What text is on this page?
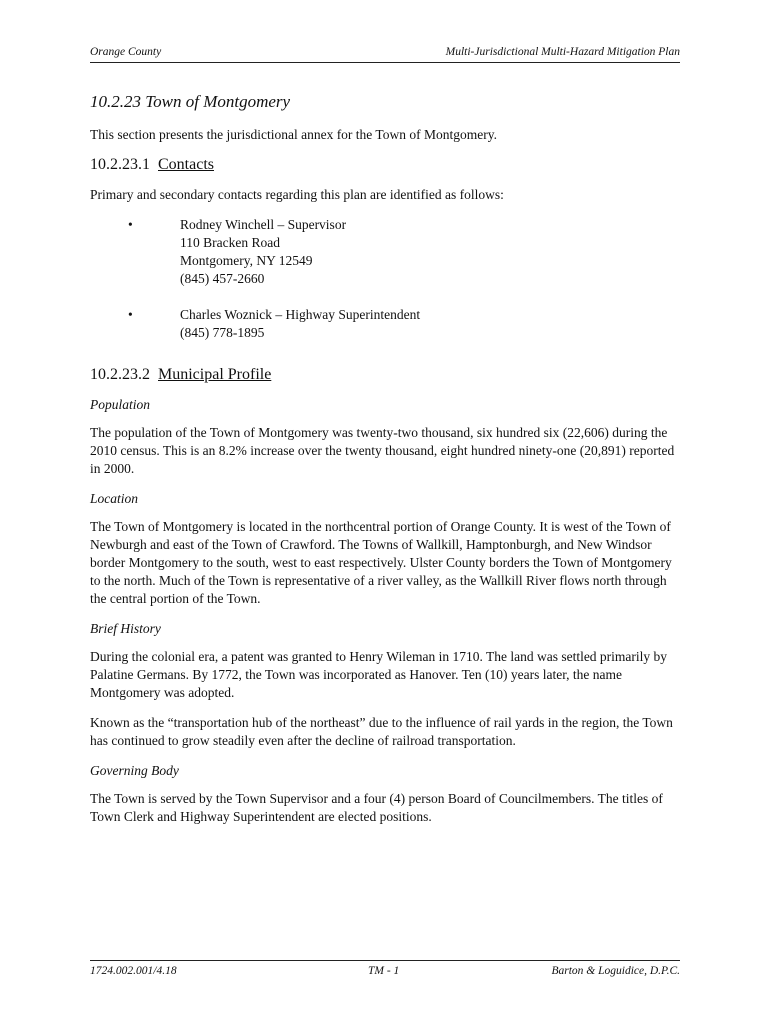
Orange County	Multi-Jurisdictional Multi-Hazard Mitigation Plan
10.2.23 Town of Montgomery

This section presents the jurisdictional annex for the Town of Montgomery.

10.2.23.1 Contacts

Primary and secondary contacts regarding this plan are identified as follows:

•	Rodney Winchell – Supervisor
110 Bracken Road
Montgomery, NY 12549
(845) 457-2660
•	Charles Woznick – Highway Superintendent
(845) 778-1895
10.2.23.2 Municipal Profile
Population

The population of the Town of Montgomery was twenty-two thousand, six hundred six (22,606) during the 2010 census. This is an 8.2% increase over the twenty thousand, eight hundred ninety-one (20,891) reported in 2000.

Location

The Town of Montgomery is located in the northcentral portion of Orange County. It is west of the Town of Newburgh and east of the Town of Crawford. The Towns of Wallkill, Hamptonburgh, and New Windsor border Montgomery to the south, west to east respectively. Ulster County borders the Town of Montgomery to the north. Much of the Town is representative of a river valley, as the Wallkill River flows north through the central portion of the Town.

Brief History

During the colonial era, a patent was granted to Henry Wileman in 1710. The land was settled primarily by Palatine Germans. By 1772, the Town was incorporated as Hanover. Ten (10) years later, the name Montgomery was adopted.

Known as the “transportation hub of the northeast” due to the influence of rail yards in the region, the Town has continued to grow steadily even after the decline of railroad transportation.

Governing Body

The Town is served by the Town Supervisor and a four (4) person Board of Councilmembers. The titles of Town Clerk and Highway Superintendent are elected positions.

1724.002.001/4.18	TM - 1	Barton & Loguidice, D.P.C.
